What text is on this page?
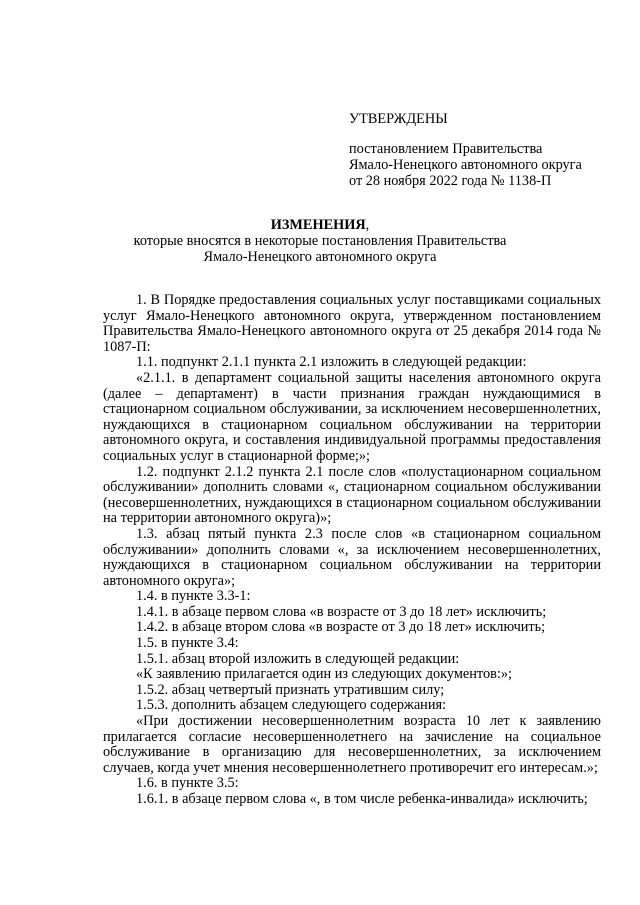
УТВЕРЖДЕНЫ
постановлением Правительства
Ямало-Ненецкого автономного округа
от 28 ноября 2022 года № 1138-П
ИЗМЕНЕНИЯ,
которые вносятся в некоторые постановления Правительства
Ямало-Ненецкого автономного округа

1. В Порядке предоставления социальных услуг поставщиками социальных услуг Ямало-Ненецкого автономного округа, утвержденном постановлением Правительства Ямало-Ненецкого автономного округа от 25 декабря 2014 года № 1087-П:

1.1. подпункт 2.1.1 пункта 2.1 изложить в следующей редакции:

«2.1.1. в департамент социальной защиты населения автономного округа (далее – департамент) в части признания граждан нуждающимися в стационарном социальном обслуживании, за исключением несовершеннолетних, нуждающихся в стационарном социальном обслуживании на территории автономного округа, и составления индивидуальной программы предоставления социальных услуг в стационарной форме;»;

1.2. подпункт 2.1.2 пункта 2.1 после слов «полустационарном социальном обслуживании» дополнить словами «, стационарном социальном обслуживании (несовершеннолетних, нуждающихся в стационарном социальном обслуживании на территории автономного округа)»;

1.3. абзац пятый пункта 2.3 после слов «в стационарном социальном обслуживании» дополнить словами «, за исключением несовершеннолетних, нуждающихся в стационарном социальном обслуживании на территории автономного округа»;

1.4. в пункте 3.3-1:

1.4.1. в абзаце первом слова «в возрасте от 3 до 18 лет» исключить;

1.4.2. в абзаце втором слова «в возрасте от 3 до 18 лет» исключить;

1.5. в пункте 3.4:

1.5.1. абзац второй изложить в следующей редакции:

«К заявлению прилагается один из следующих документов:»;

1.5.2. абзац четвертый признать утратившим силу;

1.5.3. дополнить абзацем следующего содержания:

«При достижении несовершеннолетним возраста 10 лет к заявлению прилагается согласие несовершеннолетнего на зачисление на социальное обслуживание в организацию для несовершеннолетних, за исключением случаев, когда учет мнения несовершеннолетнего противоречит его интересам.»;

1.6. в пункте 3.5:

1.6.1. в абзаце первом слова «, в том числе ребенка-инвалида» исключить;
